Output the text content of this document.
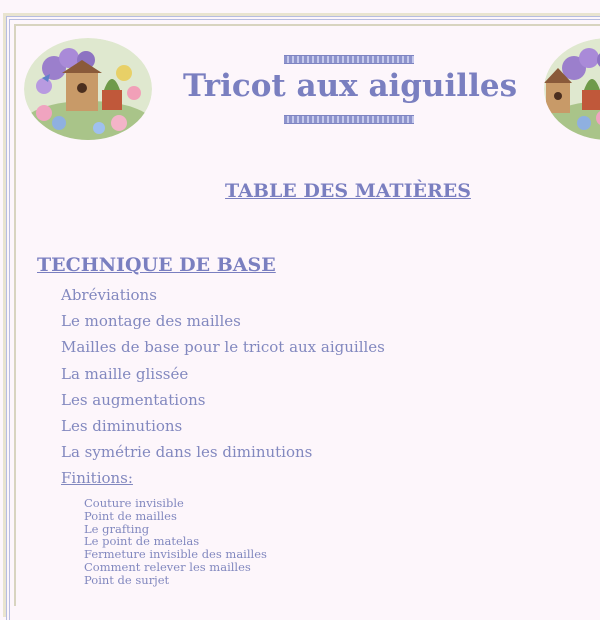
Tricot aux aiguilles
TABLE DES MATIÈRES
TECHNIQUE DE BASE
Abréviations
Le montage des mailles
Mailles de base pour le tricot aux aiguilles
La maille glissée
Les augmentations
Les diminutions
La symétrie dans les diminutions
Finitions:
Couture invisible
Point de mailles
Le grafting
Le point de matelas
Fermeture invisible des mailles
Comment relever les mailles
Point de surjet
